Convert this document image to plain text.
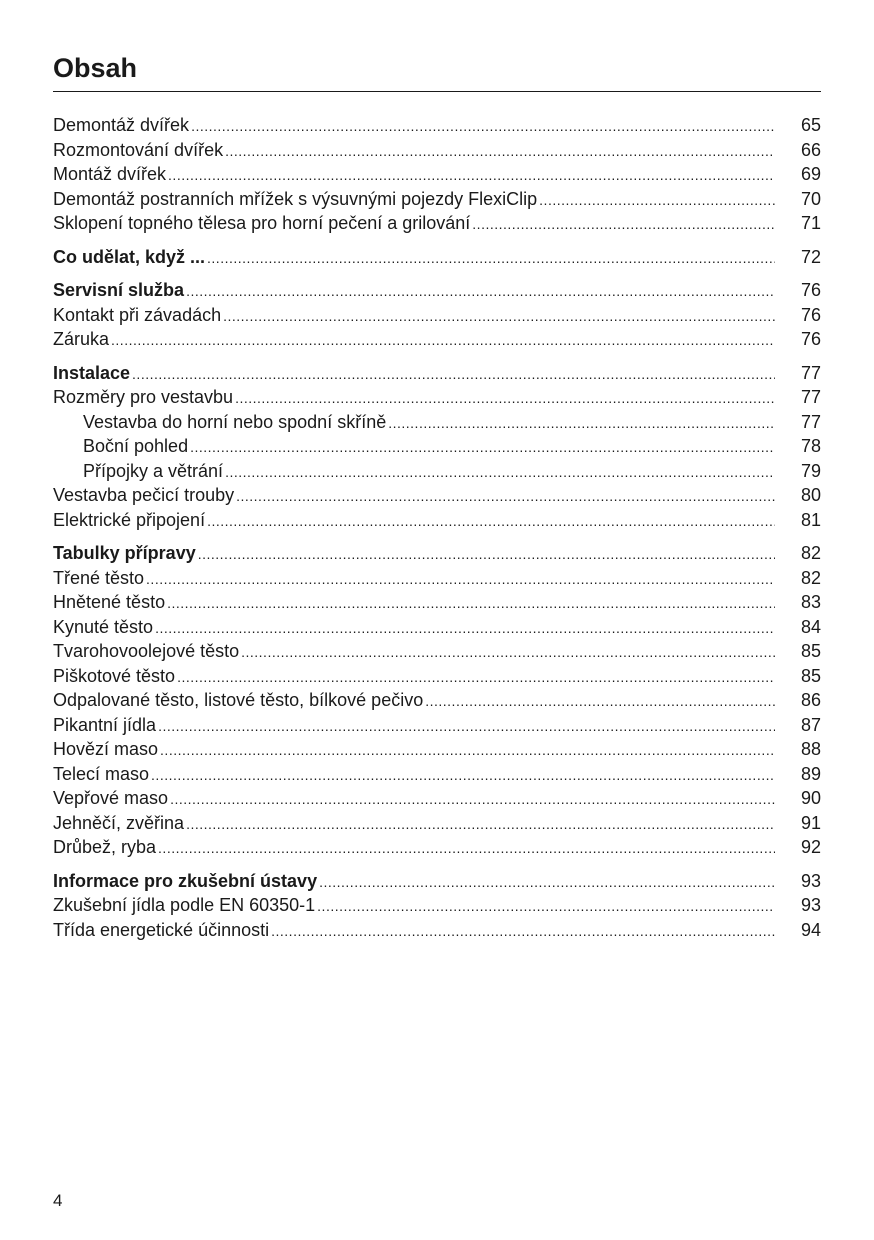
Obsah
Demontáž dvířek .....	65
Rozmontování dvířek .....	66
Montáž dvířek .....	69
Demontáž postranních mřížek s výsuvnými pojezdy FlexiClip .....	70
Sklopení topného tělesa pro horní pečení a grilování .....	71
Co udělat, když ... .....	72
Servisní služba .....	76
Kontakt při závadách .....	76
Záruka .....	76
Instalace .....	77
Rozměry pro vestavbu .....	77
Vestavba do horní nebo spodní skříně .....	77
Boční pohled .....	78
Přípojky a větrání .....	79
Vestavba pečicí trouby .....	80
Elektrické připojení .....	81
Tabulky přípravy .....	82
Třené těsto .....	82
Hnětené těsto .....	83
Kynuté těsto .....	84
Tvarohovoolejové těsto .....	85
Piškotové těsto .....	85
Odpalované těsto, listové těsto, bílkové pečivo .....	86
Pikantní jídla .....	87
Hovězí maso .....	88
Telecí maso .....	89
Vepřové maso .....	90
Jehněčí, zvěřina .....	91
Drůbež, ryba .....	92
Informace pro zkušební ústavy .....	93
Zkušební jídla podle EN 60350-1 .....	93
Třída energetické účinnosti .....	94
4
